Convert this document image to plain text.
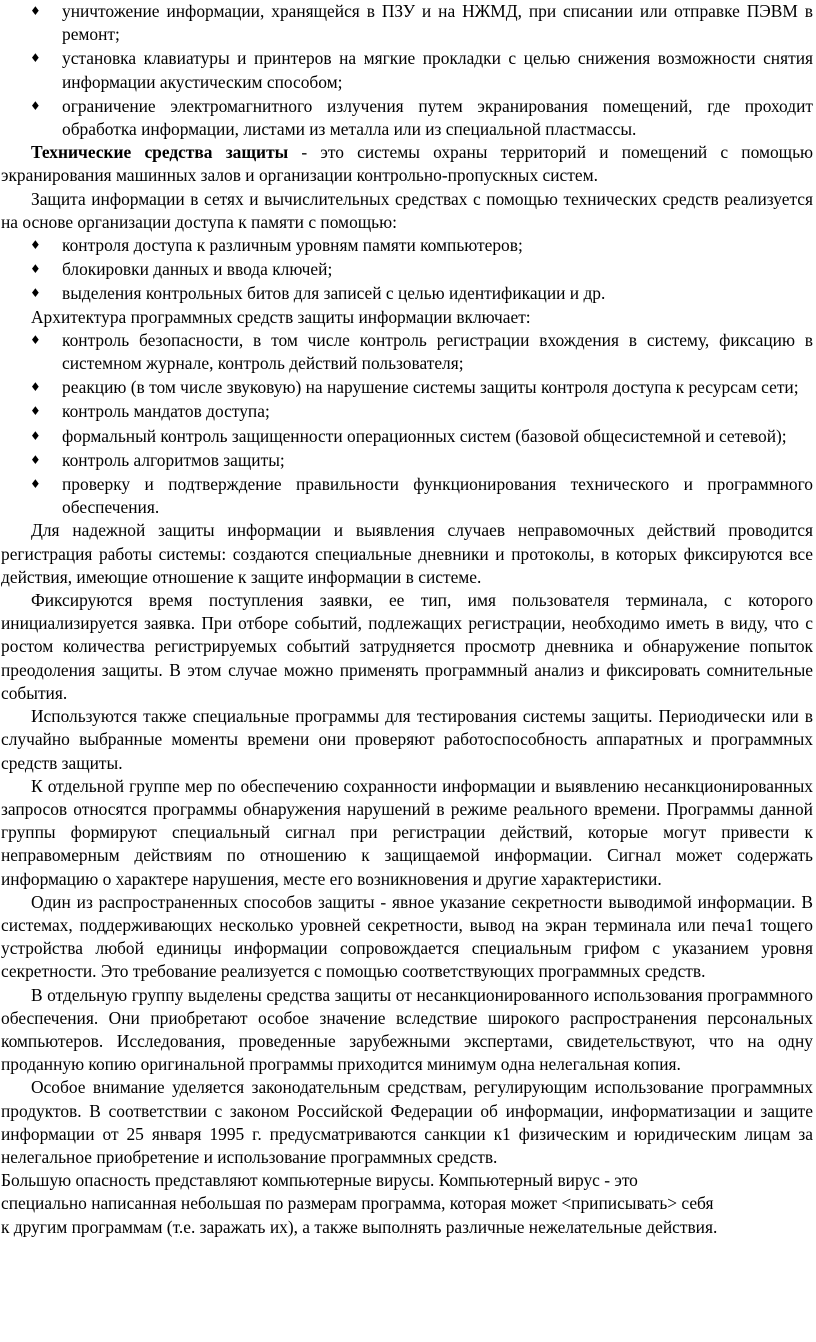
♦ уничтожение информации, хранящейся в ПЗУ и на НЖМД, при списании или отправке ПЭВМ в ремонт;

♦ установка клавиатуры и принтеров на мягкие прокладки с целью снижения возможности снятия информации акустическим способом;

♦ ограничение электромагнитного излучения путем экранирования помещений, где проходит обработка информации, листами из металла или из специальной пластмассы.

Технические средства защиты - это системы охраны территорий и помещений с помощью экранирования машинных залов и организации контрольно-пропускных систем.

Защита информации в сетях и вычислительных средствах с помощью технических средств реализуется на основе организации доступа к памяти с помощью:

♦ контроля доступа к различным уровням памяти компьютеров;

♦ блокировки данных и ввода ключей;

♦ выделения контрольных битов для записей с целью идентификации и др.

Архитектура программных средств защиты информации включает:

♦ контроль безопасности, в том числе контроль регистрации вхождения в систему, фиксацию в системном журнале, контроль действий пользователя;

♦ реакцию (в том числе звуковую) на нарушение системы защиты контроля доступа к ресурсам сети;

♦ контроль мандатов доступа;

♦ формальный контроль защищенности операционных систем (базовой общесистемной и сетевой);

♦ контроль алгоритмов защиты;

♦ проверку и подтверждение правильности функционирования технического и программного обеспечения.

Для надежной защиты информации и выявления случаев неправомочных действий проводится регистрация работы системы: создаются специальные дневники и протоколы, в которых фиксируются все действия, имеющие отношение к защите информации в системе.

Фиксируются время поступления заявки, ее тип, имя пользователя терминала, с которого инициализируется заявка. При отборе событий, подлежащих регистрации, необходимо иметь в виду, что с ростом количества регистрируемых событий затрудняется просмотр дневника и обнаружение попыток преодоления защиты. В этом случае можно применять программный анализ и фиксировать сомнительные события.

Используются также специальные программы для тестирования системы защиты. Периодически или в случайно выбранные моменты времени они проверяют работоспособность аппаратных и программных средств защиты.

К отдельной группе мер по обеспечению сохранности информации и выявлению несанкционированных запросов относятся программы обнаружения нарушений в режиме реального времени. Программы данной группы формируют специальный сигнал при регистрации действий, которые могут привести к неправомерным действиям по отношению к защищаемой информации. Сигнал может содержать информацию о характере нарушения, месте его возникновения и другие характеристики.

Один из распространенных способов защиты - явное указание секретности выводимой информации. В системах, поддерживающих несколько уровней секретности, вывод на экран терминала или печа1 тощего устройства любой единицы информации сопровождается специальным грифом с указанием уровня секретности. Это требование реализуется с помощью соответствующих программных средств.

В отдельную группу выделены средства защиты от несанкционированного использования программного обеспечения. Они приобретают особое значение вследствие широкого распространения персональных компьютеров. Исследования, проведенные зарубежными экспертами, свидетельствуют, что на одну проданную копию оригинальной программы приходится минимум одна нелегальная копия.

Особое внимание уделяется законодательным средствам, регулирующим использование программных продуктов. В соответствии с законом Российской Федерации об информации, информатизации и защите информации от 25 января 1995 г. предусматриваются санкции к1 физическим и юридическим лицам за нелегальное приобретение и использование программных средств.

Большую опасность представляют компьютерные вирусы. Компьютерный вирус - это

специально написанная небольшая по размерам программа, которая может <приписывать> себя

к другим программам (т.е. заражать их), а также выполнять различные нежелательные действия.
